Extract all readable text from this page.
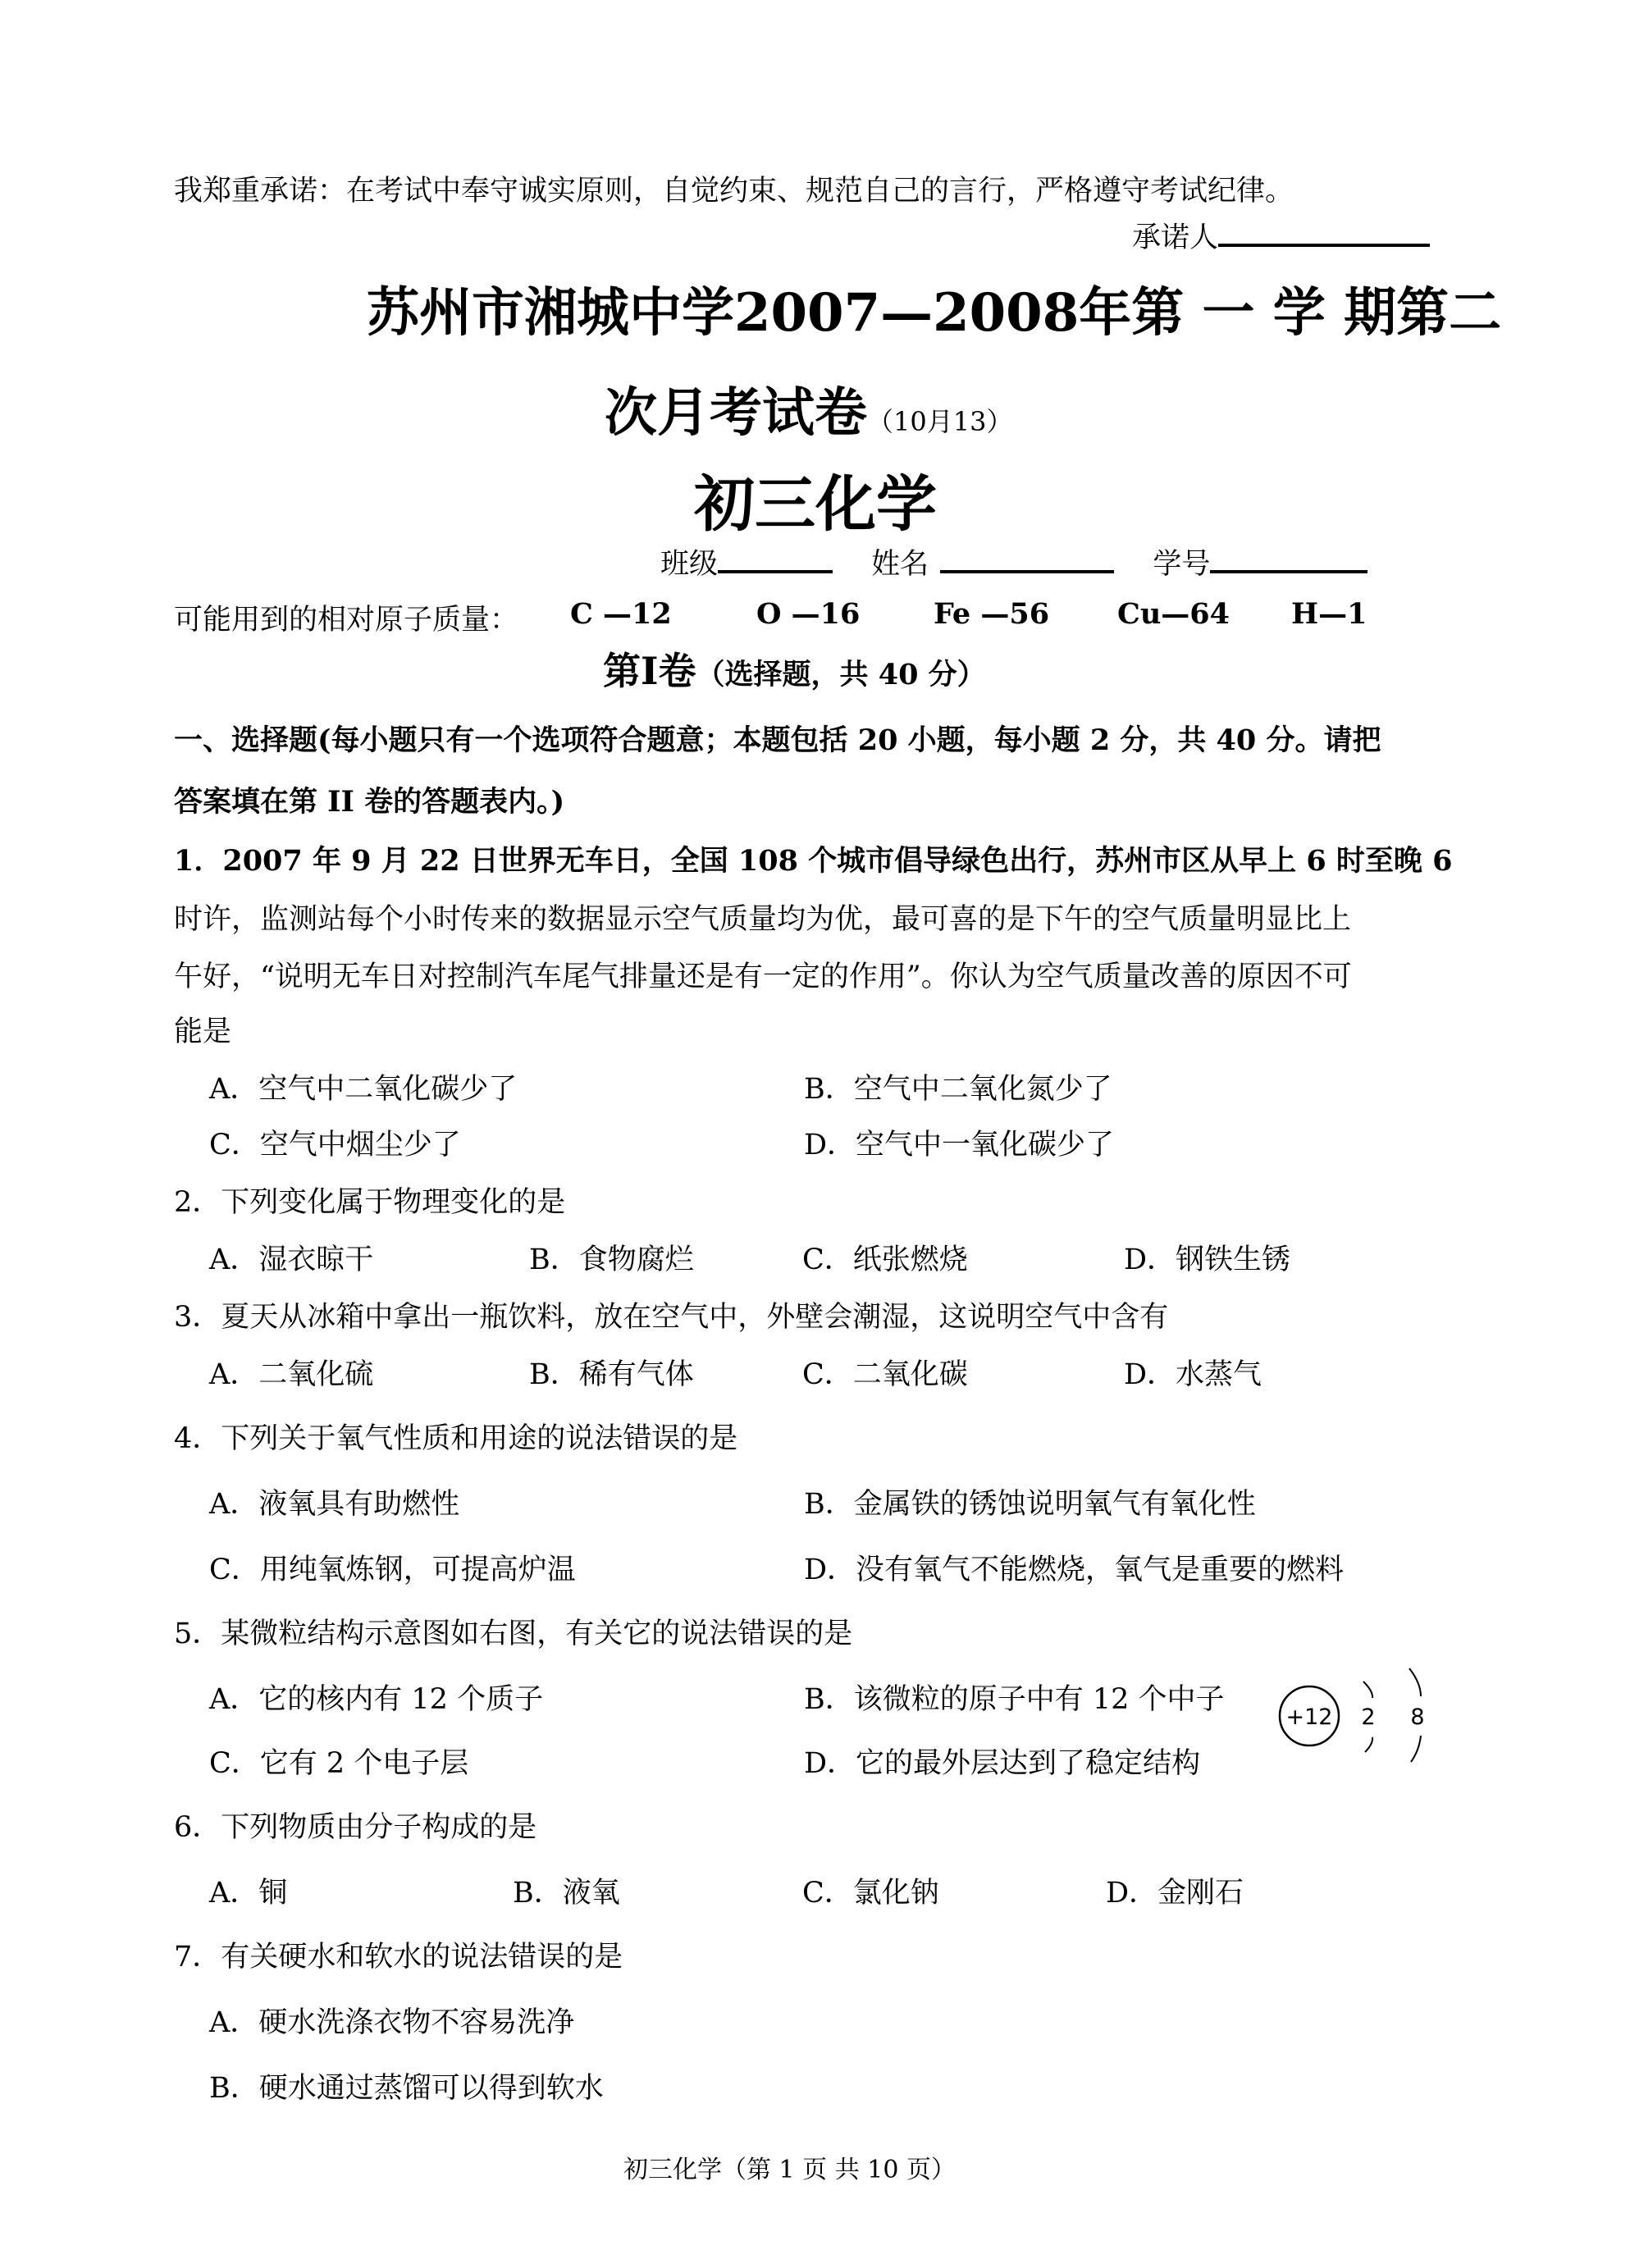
我郑重承诺：在考试中奉守诚实原则，自觉约束、规范自己的言行，严格遵守考试纪律。
承诺人
苏州市湘城中学2007—2008年第 一 学 期第二
次月考试卷（10月13）
初三化学
班级	姓名	学号
可能用到的相对原子质量： C —12	O —16	Fe —56 Cu—64 H—1
第Ⅰ卷（选择题，共 40 分）
一、选择题(每小题只有一个选项符合题意；本题包括 20 小题，每小题 2 分，共 40 分。请把
答案填在第 II 卷的答题表内。)
1．2007 年 9 月 22 日世界无车日，全国 108 个城市倡导绿色出行，苏州市区从早上 6 时至晚 6
时许，监测站每个小时传来的数据显示空气质量均为优，最可喜的是下午的空气质量明显比上
午好，“说明无车日对控制汽车尾气排量还是有一定的作用”。你认为空气质量改善的原因不可
能是
A．空气中二氧化碳少了	B．空气中二氧化氮少了
C．空气中烟尘少了	D．空气中一氧化碳少了
2．下列变化属于物理变化的是
A．湿衣晾干	B．食物腐烂	C．纸张燃烧	D．钢铁生锈
3．夏天从冰箱中拿出一瓶饮料，放在空气中，外壁会潮湿，这说明空气中含有
A．二氧化硫	B．稀有气体	C．二氧化碳	D．水蒸气
4．下列关于氧气性质和用途的说法错误的是
A．液氧具有助燃性	B．金属铁的锈蚀说明氧气有氧化性
C．用纯氧炼钢，可提高炉温	D．没有氧气不能燃烧，氧气是重要的燃料
5．某微粒结构示意图如右图，有关它的说法错误的是
A．它的核内有 12 个质子	B．该微粒的原子中有 12 个中子
C．它有 2 个电子层	D．它的最外层达到了稳定结构
+12 2 8
6．下列物质由分子构成的是
A．铜	B．液氧	C．氯化钠	D．金刚石
7．有关硬水和软水的说法错误的是
A．硬水洗涤衣物不容易洗净
B．硬水通过蒸馏可以得到软水
初三化学（第 1 页 共 10 页）
